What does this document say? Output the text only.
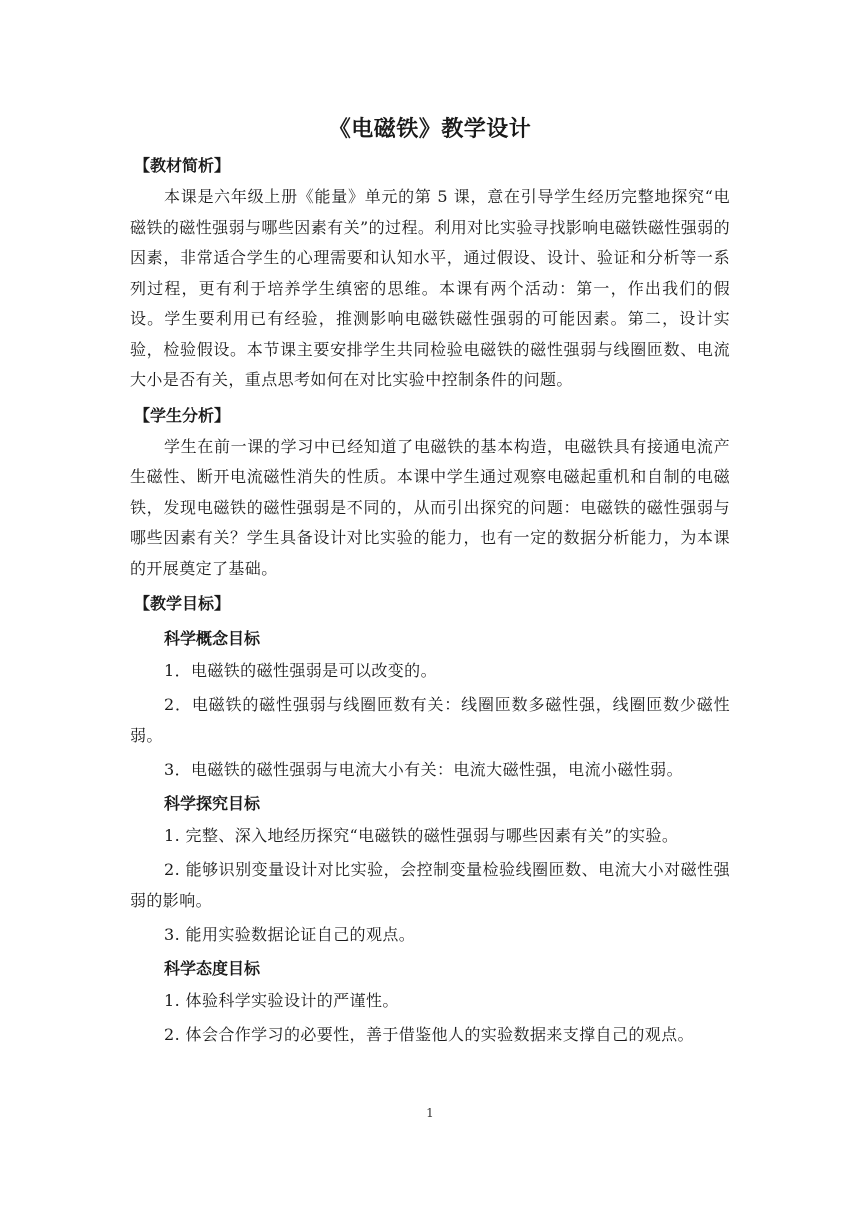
《电磁铁》教学设计
【教材简析】

本课是六年级上册《能量》单元的第 5 课，意在引导学生经历完整地探究“电磁铁的磁性强弱与哪些因素有关”的过程。利用对比实验寻找影响电磁铁磁性强弱的因素，非常适合学生的心理需要和认知水平，通过假设、设计、验证和分析等一系列过程，更有利于培养学生缜密的思维。本课有两个活动：第一，作出我们的假设。学生要利用已有经验，推测影响电磁铁磁性强弱的可能因素。第二，设计实验，检验假设。本节课主要安排学生共同检验电磁铁的磁性强弱与线圈匝数、电流大小是否有关，重点思考如何在对比实验中控制条件的问题。

【学生分析】

学生在前一课的学习中已经知道了电磁铁的基本构造，电磁铁具有接通电流产生磁性、断开电流磁性消失的性质。本课中学生通过观察电磁起重机和自制的电磁铁，发现电磁铁的磁性强弱是不同的，从而引出探究的问题：电磁铁的磁性强弱与哪些因素有关？学生具备设计对比实验的能力，也有一定的数据分析能力，为本课的开展奠定了基础。

【教学目标】
科学概念目标

1．电磁铁的磁性强弱是可以改变的。

2．电磁铁的磁性强弱与线圈匝数有关：线圈匝数多磁性强，线圈匝数少磁性弱。

3．电磁铁的磁性强弱与电流大小有关：电流大磁性强，电流小磁性弱。

科学探究目标

1. 完整、深入地经历探究“电磁铁的磁性强弱与哪些因素有关”的实验。

2. 能够识别变量设计对比实验，会控制变量检验线圈匝数、电流大小对磁性强弱的影响。

3. 能用实验数据论证自己的观点。

科学态度目标

1. 体验科学实验设计的严谨性。

2. 体会合作学习的必要性，善于借鉴他人的实验数据来支撑自己的观点。

1
